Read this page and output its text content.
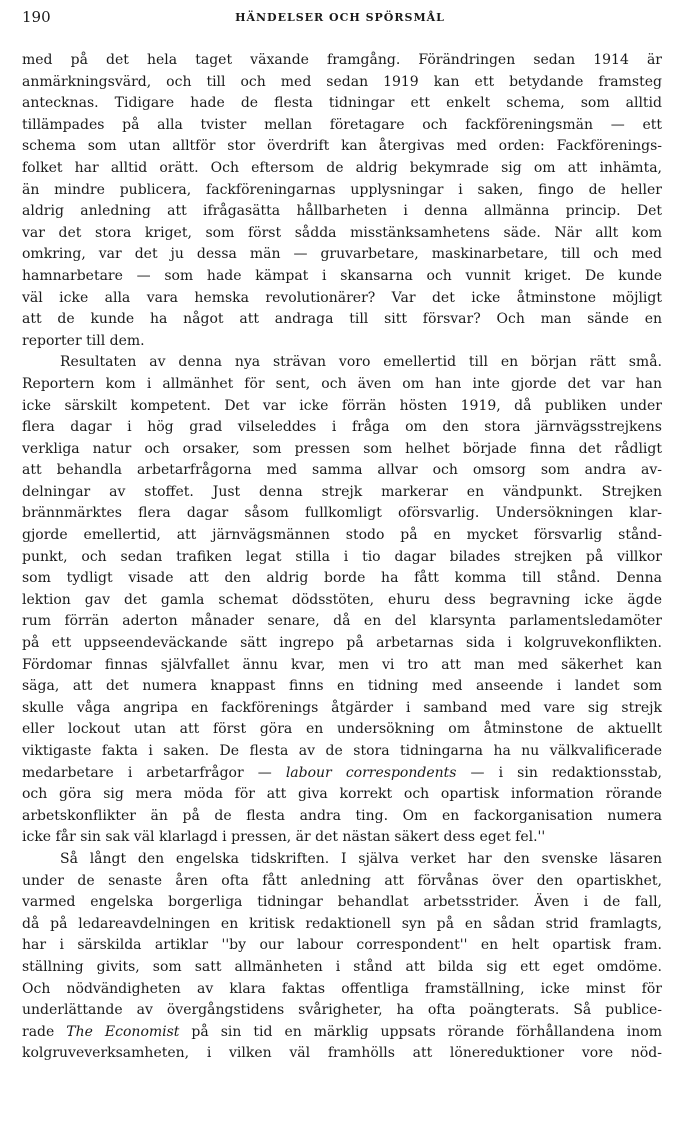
190	HÄNDELSER OCH SPÖRSMÅL
med på det hela taget växande framgång. Förändringen sedan 1914 är
anmärkningsvärd, och till och med sedan 1919 kan ett betydande framsteg
antecknas. Tidigare hade de flesta tidningar ett enkelt schema, som alltid
tillämpades på alla tvister mellan företagare och fackföreningsmän — ett
schema som utan alltför stor överdrift kan återgivas med orden: Fackförenings-
folket har alltid orätt. Och eftersom de aldrig bekymrade sig om att inhämta,
än mindre publicera, fackföreningarnas upplysningar i saken, fingo de heller
aldrig anledning att ifrågasätta hållbarheten i denna allmänna princip. Det
var det stora kriget, som först sådda misstänksamhetens säde. När allt kom
omkring, var det ju dessa män — gruvarbetare, maskinarbetare, till och med
hamnarbetare — som hade kämpat i skansarna och vunnit kriget. De kunde
väl icke alla vara hemska revolutionärer? Var det icke åtminstone möjligt
att de kunde ha något att andraga till sitt försvar? Och man sände en
reporter till dem.
Resultaten av denna nya strävan voro emellertid till en början rätt små.
Reportern kom i allmänhet för sent, och även om han inte gjorde det var han
icke särskilt kompetent. Det var icke förrän hösten 1919, då publiken under
flera dagar i hög grad vilseleddes i fråga om den stora järnvägsstrejkens
verkliga natur och orsaker, som pressen som helhet började finna det rådligt
att behandla arbetarfrågorna med samma allvar och omsorg som andra av-
delningar av stoffet. Just denna strejk markerar en vändpunkt. Strejken
brännmärktes flera dagar såsom fullkomligt oförsvarlig. Undersökningen klar-
gjorde emellertid, att järnvägsmännen stodo på en mycket försvarlig stånd-
punkt, och sedan trafiken legat stilla i tio dagar bilades strejken på villkor
som tydligt visade att den aldrig borde ha fått komma till stånd. Denna
lektion gav det gamla schemat dödsstöten, ehuru dess begravning icke ägde
rum förrän aderton månader senare, då en del klarsynta parlamentsledamöter
på ett uppseendeväckande sätt ingrepo på arbetarnas sida i kolgruvekonflikten.
Fördomar finnas självfallet ännu kvar, men vi tro att man med säkerhet kan
säga, att det numera knappast finns en tidning med anseende i landet som
skulle våga angripa en fackförenings åtgärder i samband med vare sig strejk
eller lockout utan att först göra en undersökning om åtminstone de aktuellt
viktigaste fakta i saken. De flesta av de stora tidningarna ha nu välkvalificerade
medarbetare i arbetarfrågor — labour correspondents — i sin redaktionsstab,
och göra sig mera möda för att giva korrekt och opartisk information rörande
arbetskonflikter än på de flesta andra ting. Om en fackorganisation numera
icke får sin sak väl klarlagd i pressen, är det nästan säkert dess eget fel.''
Så långt den engelska tidskriften. I själva verket har den svenske läsaren
under de senaste åren ofta fått anledning att förvånas över den opartiskhet,
varmed engelska borgerliga tidningar behandlat arbetsstrider. Även i de fall,
då på ledareavdelningen en kritisk redaktionell syn på en sådan strid framlagts,
har i särskilda artiklar ''by our labour correspondent'' en helt opartisk fram.
ställning givits, som satt allmänheten i stånd att bilda sig ett eget omdöme.
Och nödvändigheten av klara faktas offentliga framställning, icke minst för
underlättande av övergångstidens svårigheter, ha ofta poängterats. Så publice-
rade The Economist på sin tid en märklig uppsats rörande förhållandena inom
kolgruveverksamheten, i vilken väl framhölls att lönereduktioner vore nöd-
